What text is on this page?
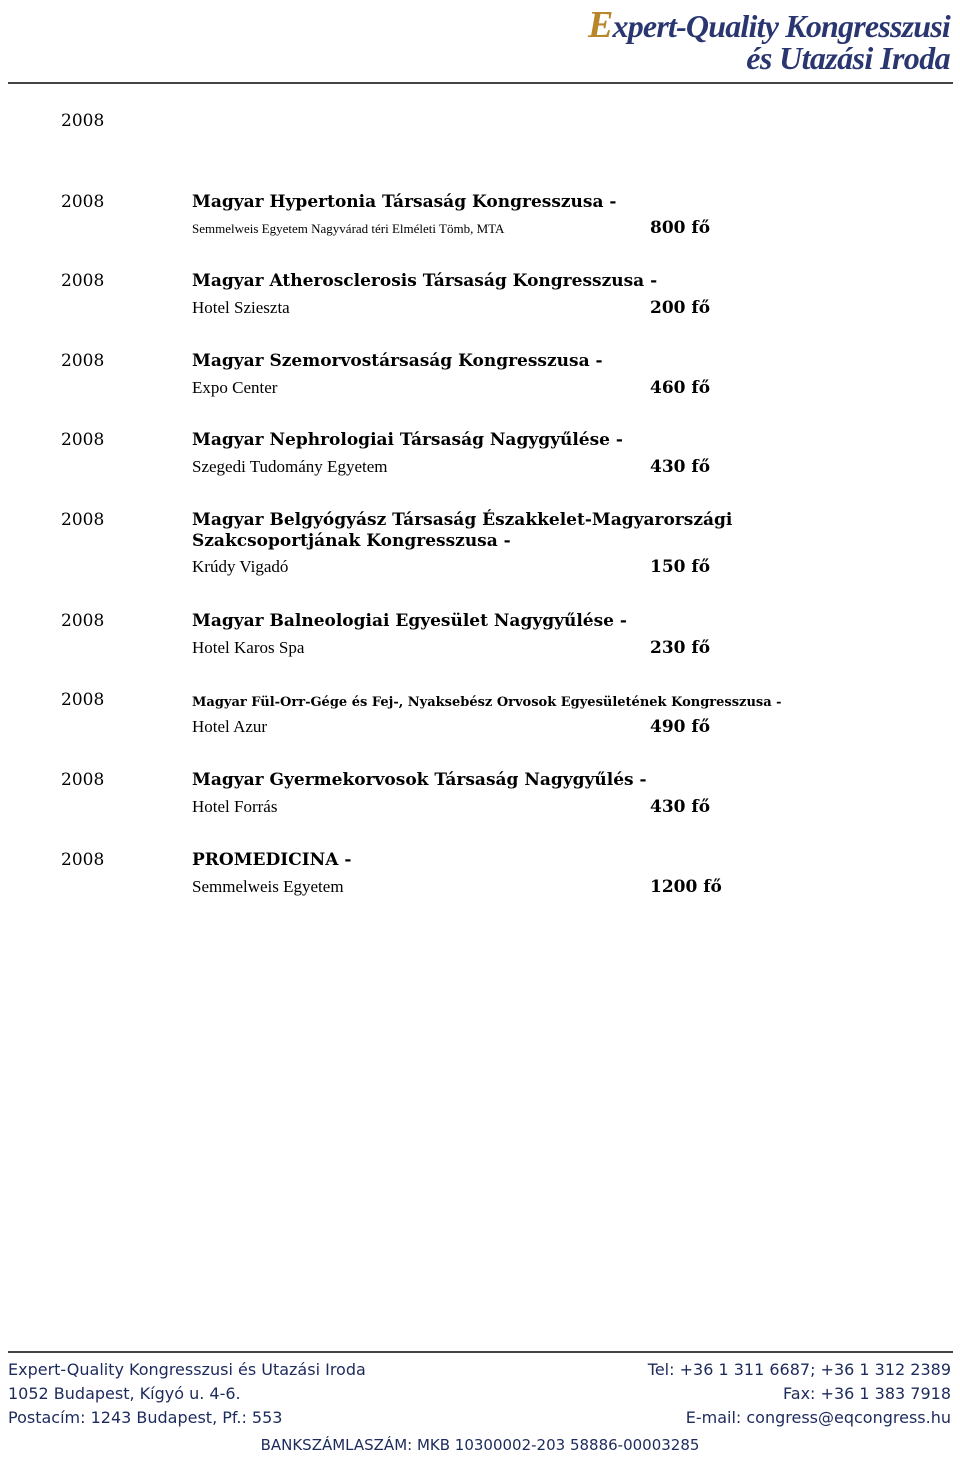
Expert-Quality Kongresszusi
és Utazási Iroda
2008
2008	Magyar Hypertonia Társaság Kongresszusa -
Semmelweis Egyetem Nagyvárad téri Elméleti Tömb, MTA	800 fő
2008	Magyar Atherosclerosis Társaság Kongresszusa -
Hotel Szieszta	200 fő
2008	Magyar Szemorvostársaság Kongresszusa -
Expo Center	460 fő
2008	Magyar Nephrologiai Társaság Nagygyűlése -
Szegedi Tudomány Egyetem	430 fő
2008	Magyar Belgyógyász Társaság Északkelet-Magyarországi Szakcsoportjának Kongresszusa -
Krúdy Vigadó	150 fő
2008	Magyar Balneologiai Egyesület Nagygyűlése -
Hotel Karos Spa	230 fő
2008	Magyar Fül-Orr-Gége és Fej-, Nyaksebész Orvosok Egyesületének Kongresszusa -
Hotel Azur	490 fő
2008	Magyar Gyermekorvosok Társaság Nagygyűlés -
Hotel Forrás	430 fő
2008	PROMEDICINA -
Semmelweis Egyetem	1200 fő
Expert-Quality Kongresszusi és Utazási Iroda
1052 Budapest, Kígyó u. 4-6.
Postacím: 1243 Budapest, Pf.: 553
Tel: +36 1 311 6687; +36 1 312 2389
Fax: +36 1 383 7918
E-mail: congress@eqcongress.hu
BANKSZÁMLASZÁM: MKB 10300002-203 58886-00003285
